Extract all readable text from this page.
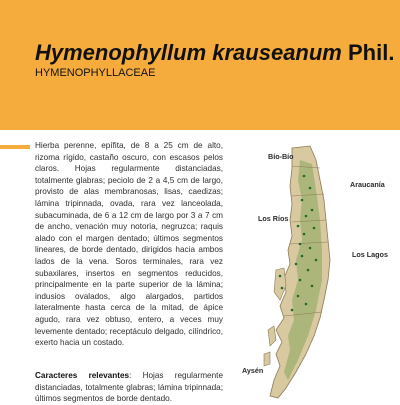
Hymenophyllum krauseanum Phil.
HYMENOPHYLLACEAE

Hierba perenne, epífita, de 8 a 25 cm de alto, rizoma rígido, castaño oscuro, con escasos pelos claros. Hojas regularmente distanciadas, totalmente glabras; peciolo de 2 a 4,5 cm de largo, provisto de alas membranosas, lisas, caedizas; lámina tripinnada, ovada, rara vez lanceolada, subacuminada, de 6 a 12 cm de largo por 3 a 7 cm de ancho, venación muy notoria, negruzca; raquis alado con el margen dentado; últimos segmentos lineares, de borde dentado, dirigidos hacia ambos lados de la vena. Soros terminales, rara vez subaxilares, insertos en segmentos reducidos, principalmente en la parte superior de la lámina; indusios ovalados, algo alargados, partidos lateralmente hasta cerca de la mitad, de ápice agudo, rara vez obtuso, entero, a veces muy levemente dentado; receptáculo delgado, cilíndrico, exerto hacia un costado.

Caracteres relevantes: Hojas regularmente distanciadas, totalmente glabras; lámina tripinnada; últimos segmentos de borde dentado.

Bío-Bío
Araucanía
Los Ríos
Los Lagos
Aysén
